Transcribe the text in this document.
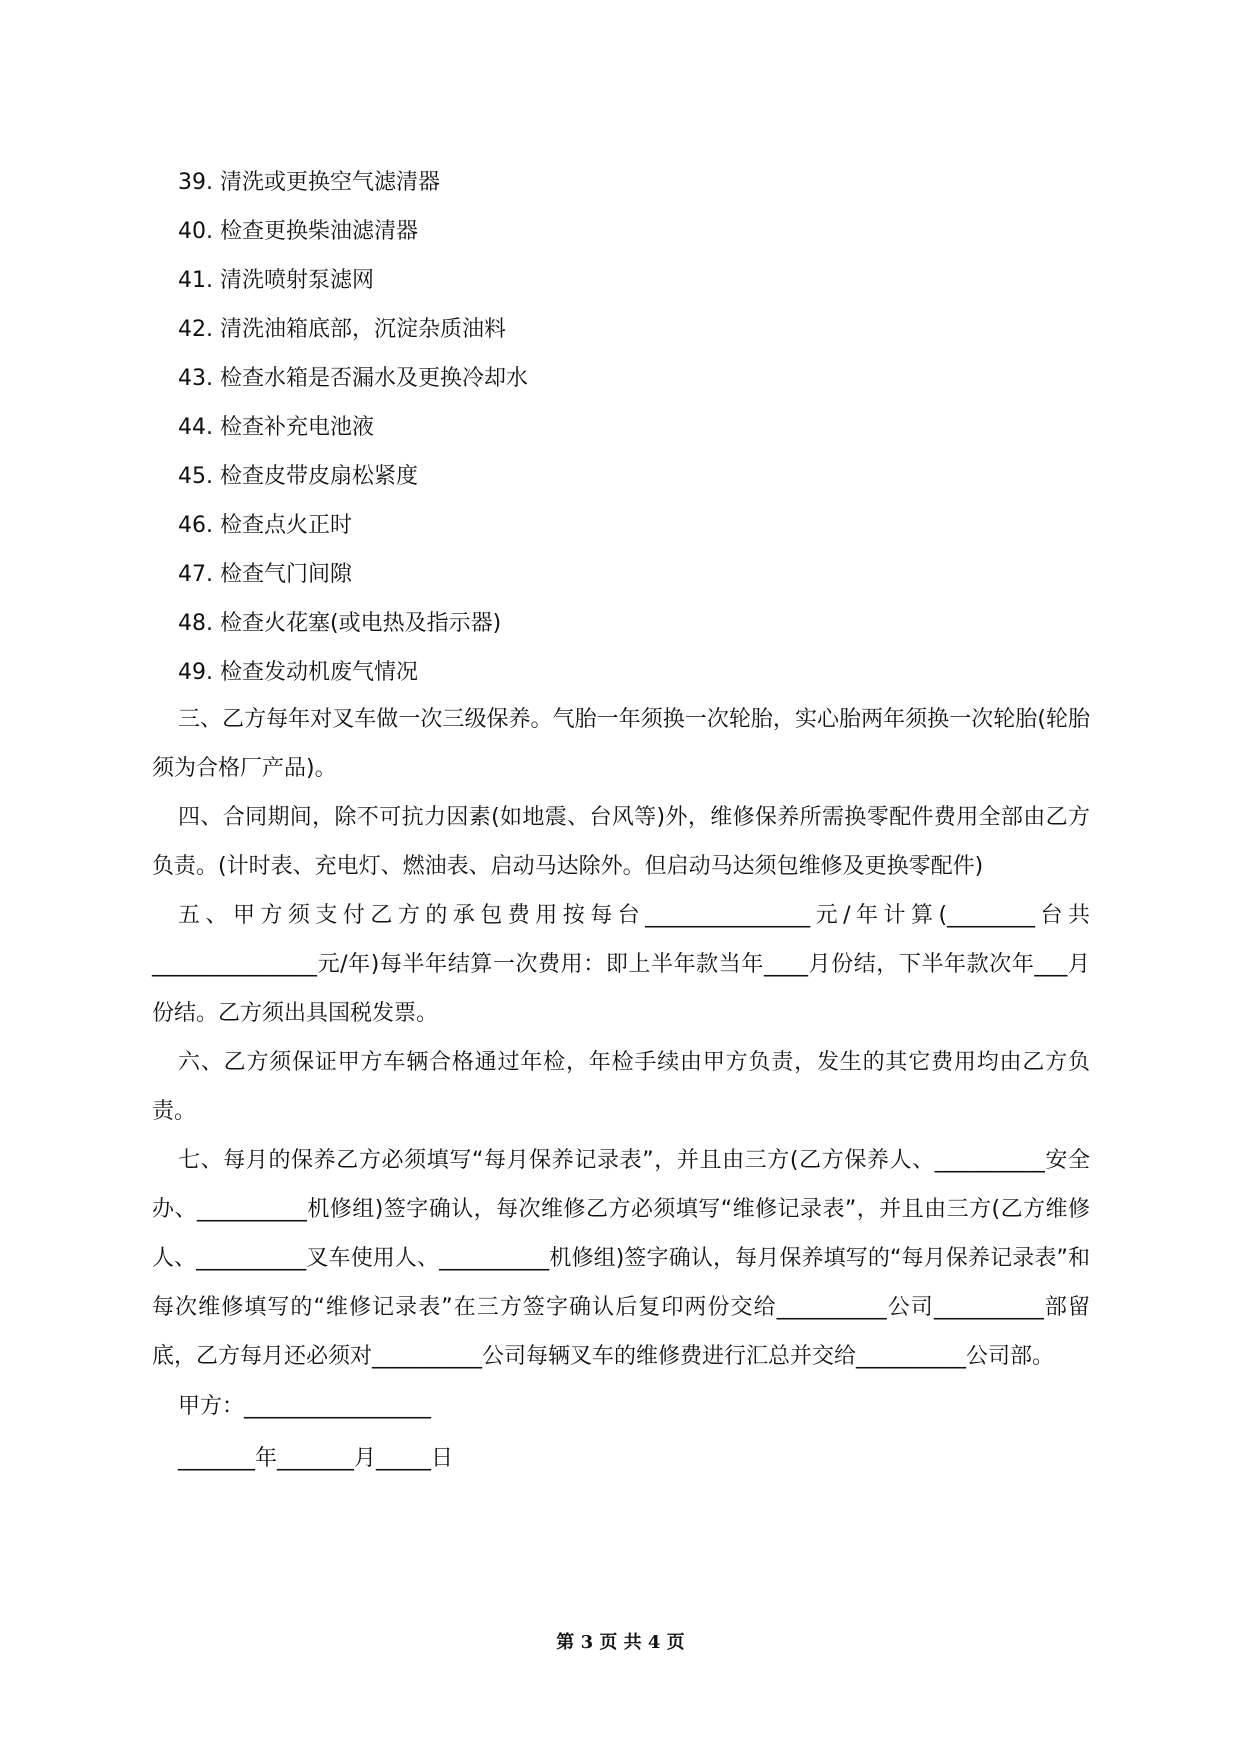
39. 清洗或更换空气滤清器
40. 检查更换柴油滤清器
41. 清洗喷射泵滤网
42. 清洗油箱底部，沉淀杂质油料
43. 检查水箱是否漏水及更换冷却水
44. 检查补充电池液
45. 检查皮带皮扇松紧度
46. 检查点火正时
47. 检查气门间隙
48. 检查火花塞(或电热及指示器)
49. 检查发动机废气情况

三、乙方每年对叉车做一次三级保养。气胎一年须换一次轮胎，实心胎两年须换一次轮胎(轮胎须为合格厂产品)。

四、合同期间，除不可抗力因素(如地震、台风等)外，维修保养所需换零配件费用全部由乙方负责。(计时表、充电灯、燃油表、启动马达除外。但启动马达须包维修及更换零配件)

五、甲方须支付乙方的承包费用按每台_______________元/年计算(________台共_______________元/年)每半年结算一次费用：即上半年款当年____月份结，下半年款次年___月份结。乙方须出具国税发票。

六、乙方须保证甲方车辆合格通过年检，年检手续由甲方负责，发生的其它费用均由乙方负责。

七、每月的保养乙方必须填写“每月保养记录表”，并且由三方(乙方保养人、__________安全办、__________机修组)签字确认，每次维修乙方必须填写“维修记录表”，并且由三方(乙方维修人、__________叉车使用人、__________机修组)签字确认，每月保养填写的“每月保养记录表”和每次维修填写的“维修记录表”在三方签字确认后复印两份交给__________公司__________部留底，乙方每月还必须对__________公司每辆叉车的维修费进行汇总并交给__________公司部。

甲方：_________________

_______年_______月_____日

第 3 页 共 4 页
